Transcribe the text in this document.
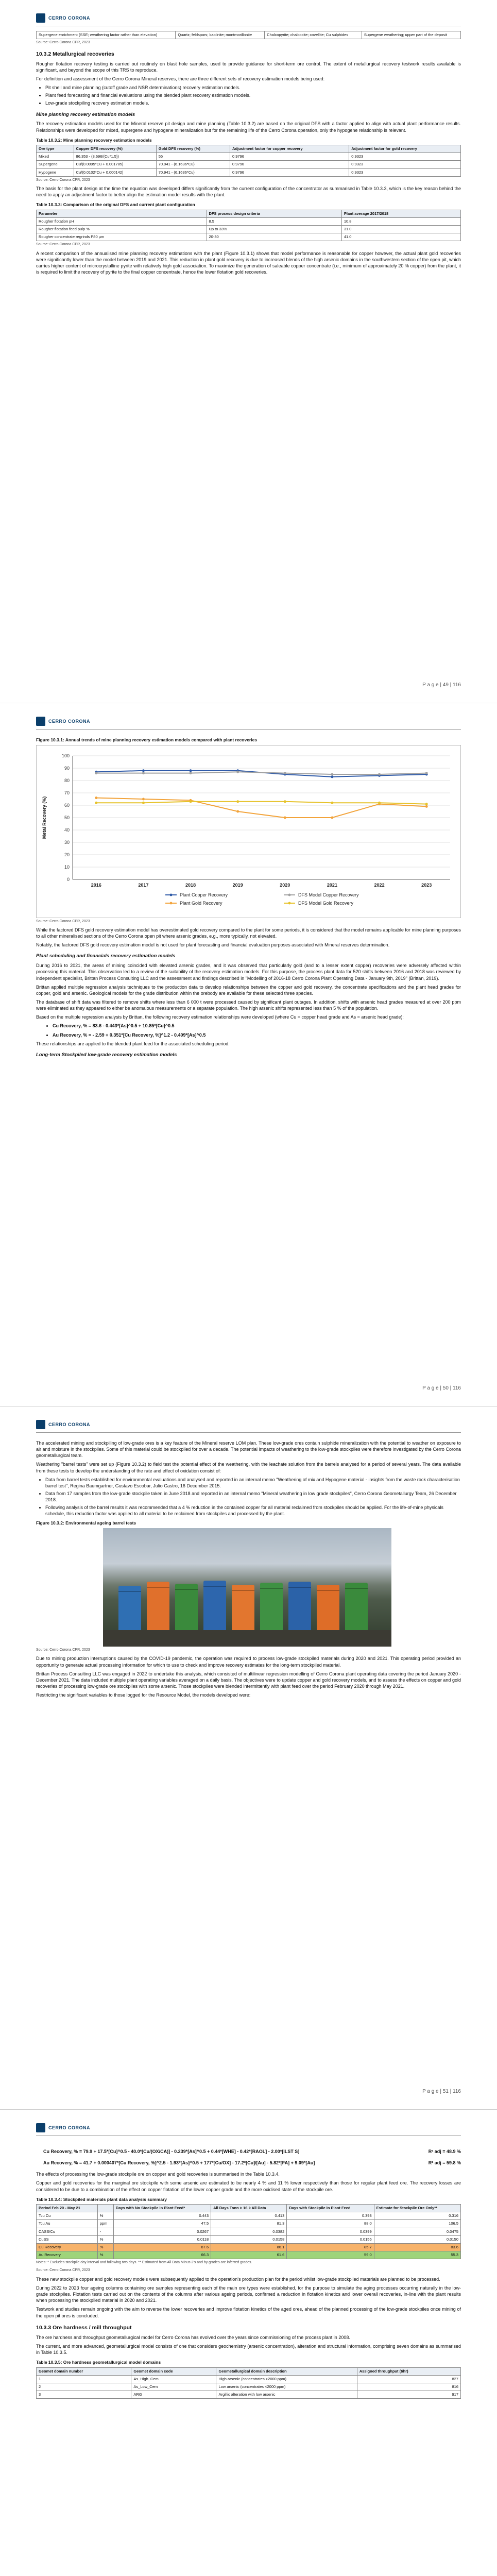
CERRO CORONA
Supergene enrichment (SSE; weathering factor rather than elevation)	Quartz; feldspars; kaolinite; montmorillonite	Chalcopyrite; chalcocite; covellite; Cu sulphides	Supergene weathering; upper part of the deposit
Source: Cerro Corona CPR, 2023
10.3.2 Metallurgical recoveries

Rougher flotation recovery testing is carried out routinely on blast hole samples, used to provide guidance for short-term ore control. The extent of metallurgical recovery testwork results available is significant, and beyond the scope of this TRS to reproduce.

For definition and assessment of the Cerro Corona Mineral reserves, there are three different sets of recovery estimation models being used:

• Pit shell and mine planning (cutoff grade and NSR determinations) recovery estimation models.
• Plant feed forecasting and financial evaluations using the blended plant recovery estimation models.
• Low-grade stockpiling recovery estimation models.
Mine planning recovery estimation models

The recovery estimation models used for the Mineral reserve pit design and mine planning (Table 10.3.2) are based on the original DFS with a factor applied to align with actual plant performance results. Relationships were developed for mixed, supergene and hypogene mineralization but for the remaining life of the Cerro Corona operation, only the hypogene relationship is relevant.

Table 10.3.2: Mine planning recovery estimation models
Ore type	Copper DFS recovery (%)	Gold DFS recovery (%)	Adjustment factor for copper recovery	Adjustment factor for gold recovery
Mixed	86.353 - (3.696/(Cu*1.5))	55	0.9796	0.9323
Supergene	Cu/(0.0095*Cu + 0.001785)	70.941 - (6.1636*Cu)	0.9796	0.9323
Hypogene	Cu/(0.0102*Cu + 0.000142)	70.941 - (6.1636*Cu)	0.9796	0.9323
Source: Cerro Corona CPR, 2023

The basis for the plant design at the time the equation was developed differs significantly from the current configuration of the concentrator as summarised in Table 10.3.3, which is the key reason behind the need to apply an adjustment factor to better align the estimation model results with the plant.

Table 10.3.3: Comparison of the original DFS and current plant configuration
Parameter	DFS process design criteria	Plant average 2017/2018
Rougher flotation pH	8.5	10.8
Rougher flotation feed pulp %	Up to 33%	31.0
Rougher concentrate regrinds P80 µm	20-30	41.0
Source: Cerro Corona CPR, 2023

A recent comparison of the annualised mine planning recovery estimations with the plant (Figure 10.3.1) shows that model performance is reasonable for copper however, the actual plant gold recoveries were significantly lower than the model between 2019 and 2021. This reduction in plant gold recovery is due to increased blends of the high arsenic domains in the southwestern section of the open pit, which carries higher content of microcrystalline pyrite with relatively high gold association. To maximize the generation of saleable copper concentrate (i.e., minimum of approximately 20 % copper) from the plant, it is required to limit the recovery of pyrite to the final copper concentrate, hence the lower flotation gold recoveries.

P a g e | 49 | 116
CERRO CORONA
Figure 10.3.1: Annual trends of mine planning recovery estimation models compared with plant recoveries
0
10
20
30
40
50
60
70
80
90
100
2016	2017	2018	2019	2020	2021	2022	2023
Metal Recovery (%)
Plant Copper Recovery	DFS Model Copper Recovery
Plant Gold Recovery	DFS Model Gold Recovery
Source: Cerro Corona CPR, 2023

While the factored DFS gold recovery estimation model has overestimated gold recovery compared to the plant for some periods, it is considered that the model remains applicable for mine planning purposes to all other mineralised sections of the Cerro Corona open pit where arsenic grades, e.g., more typically, not elevated.

Notably, the factored DFS gold recovery estimation model is not used for plant forecasting and financial evaluation purposes associated with Mineral reserves determination.

Plant scheduling and financials recovery estimation models

During 2016 to 2021, the areas of mining coincided with elevated arsenic grades, and it was observed that particularly gold (and to a lesser extent copper) recoveries were adversely affected within processing this material. This observation led to a review of the suitability of the recovery estimation models. For this purpose, the process plant data for 520 shifts between 2016 and 2018 was reviewed by independent specialist, Brittan Process Consulting LLC and the assessment and findings described in "Modelling of 2016-18 Cerro Corona Plant Operating Data - January 9th, 2019" (Brittan, 2019).

Brittan applied multiple regression analysis techniques to the production data to develop relationships between the copper and gold recovery, the concentrate specifications and the plant head grades for copper, gold and arsenic. Geological models for the grade distribution within the orebody are available for these selected three species.

The database of shift data was filtered to remove shifts where less than 6 000 t were processed caused by significant plant outages. In addition, shifts with arsenic head grades measured at over 200 ppm were eliminated as they appeared to either be anomalous measurements or a separate population. The high arsenic shifts represented less than 5 % of the population.

Based on the multiple regression analysis by Brittan, the following recovery estimation relationships were developed (where Cu = copper head grade and As = arsenic head grade):

• Cu Recovery, % = 83.6 - 0.443*[As]^0.5 + 10.85*[Cu]^0.5
• Au Recovery, % = - 2.59 + 0.351*[Cu Recovery, %]^1.2 - 0.409*[As]^0.5

These relationships are applied to the blended plant feed for the associated scheduling period.

Long-term Stockpiled low-grade recovery estimation models
P a g e | 50 | 116
CERRO CORONA

The accelerated mining and stockpiling of low-grade ores is a key feature of the Mineral reserve LOM plan. These low-grade ores contain sulphide mineralization with the potential to weather on exposure to air and moisture in the stockpiles. Some of this material could be stockpiled for over a decade. The potential impacts of weathering to the low-grade stockpiles were therefore investigated by the Cerro Corona geometallurgical team.

Weathering "barrel tests" were set up (Figure 10.3.2) to field test the potential effect of the weathering, with the leachate solution from the barrels analysed for a period of several years. The data available from these tests to develop the understanding of the rate and effect of oxidation consist of:

• Data from barrel tests established for environmental evaluations and analysed and reported in an internal memo "Weathering of mix and Hypogene material - insights from the waste rock characterisation barrel test", Regina Baumgartner, Gustavo Escobar, Julio Castro, 16 December 2015.
• Data from 17 samples from the low-grade stockpile taken in June 2018 and reported in an internal memo "Mineral weathering in low grade stockpiles", Cerro Corona Geometallurgy Team, 26 December 2018.
• Following analysis of the barrel results it was recommended that a 4 % reduction in the contained copper for all material reclaimed from stockpiles should be applied. For the life-of-mine physicals schedule, this reduction factor was applied to all material to be reclaimed from stockpiles and processed by the plant.
Figure 10.3.2: Environmental ageing barrel tests
Source: Cerro Corona CPR, 2023

Due to mining production interruptions caused by the COVID-19 pandemic, the operation was required to process low-grade stockpiled materials during 2020 and 2021. This operating period provided an opportunity to generate actual processing information for which to use to check and improve recovery estimates for the long-term stockpiled material.

Brittan Process Consulting LLC was engaged in 2022 to undertake this analysis, which consisted of multilinear regression modelling of Cerro Corona plant operating data covering the period January 2020 - December 2021. The data included multiple plant operating variables averaged on a daily basis. The objectives were to update copper and gold recovery models, and to assess the effects on copper and gold recoveries of processing low-grade ore stockpiles with some arsenic. Those stockpiles were blended intermittently with plant feed over the period February 2020 through May 2021.

Restricting the significant variables to those logged for the Resource Model, the models developed were:

P a g e | 51 | 116
CERRO CORONA
Cu Recovery, % = 79.9 + 17.5*[Cu]^0.5 - 40.0*[Cu/(OX/CA)] - 0.239*[As]^0.5 + 0.44*[WHE] - 0.42*[RAOL] - 2.00*[ILST S]	R² adj = 48.9 %
Au Recovery, % = 41.7 + 0.000407*[Cu Recovery, %]^2.5 - 1.93*[As]^0.5 + 177*[Cu/OX] - 17.2*[Cu]/[Au] - 5.82*[FA] + 9.09*[Au]	R² adj = 59.8 %

The effects of processing the low-grade stockpile ore on copper and gold recoveries is summarised in the Table 10.3.4.

Copper and gold recoveries for the marginal ore stockpile with some arsenic are estimated to be nearly 4 % and 11 % lower respectively than those for regular plant feed ore. The recovery losses are considered to be due to a combination of the effect on copper flotation of the lower copper grade and the more oxidised state of the stockpile ore.

Table 10.3.4: Stockpiled materials plant data analysis summary
Period Feb 20 - May 21		Days with No Stockpile in Plant Feed*	All Days Tonn > 16 k All Data	Days with Stockpile in Plant Feed	Estimate for Stockpile Ore Only**
Tcu Cu	%	0.443	0.413	0.393	0.316
Tcu Au	ppm	47.5	81.3	88.0	106.5
CASS/Cu	-	0.0267	0.0382	0.0399	0.0475
CuSS	%	0.0118	0.0158	0.0156	0.0150
Cu Recovery	%	87.6	86.1	85.7	83.6
Au Recovery	%	66.3	61.6	59.0	55.3
Notes: * Excludes stockpile day interval and following two days. ** Estimated from All Data Minus 2's and by grades are inferred grades.
Source: Cerro Corona CPR, 2023

These new stockpile copper and gold recovery models were subsequently applied to the operation's production plan for the period whilst low-grade stockpiled materials are planned to be processed.

During 2022 to 2023 four ageing columns containing ore samples representing each of the main ore types were established, for the purpose to simulate the aging processes occurring naturally in the low-grade stockpiles. Flotation tests carried out on the contents of the columns after various ageing periods, confirmed a reduction in flotation kinetics and lower overall recoveries, in-line with the plant results when processing the stockpiled material in 2020 and 2021.

Testwork and studies remain ongoing with the aim to reverse the lower recoveries and improve flotation kinetics of the aged ores, ahead of the planned processing of the low-grade stockpiles once mining of the open pit ores is concluded.

10.3.3 Ore hardness / mill throughput

The ore hardness and throughput geometallurgical model for Cerro Corona has evolved over the years since commissioning of the process plant in 2008.

The current, and more advanced, geometallurgical model consists of one that considers geochemistry (arsenic concentration), alteration and structural information, comprising seven domains as summarised in Table 10.3.5.

Table 10.3.5: Ore hardness geometallurgical model domains
Geomet domain number	Geomet domain code	Geometallurgical domain description	Assigned throughput (t/hr)
1	As_High_Cem	High arsenic (concentrates >2000 ppm)	827
2	As_Low_Cem	Low arsenic (concentrates <2000 ppm)	816
3	ARG	Argillic alteration with low arsenic	917
